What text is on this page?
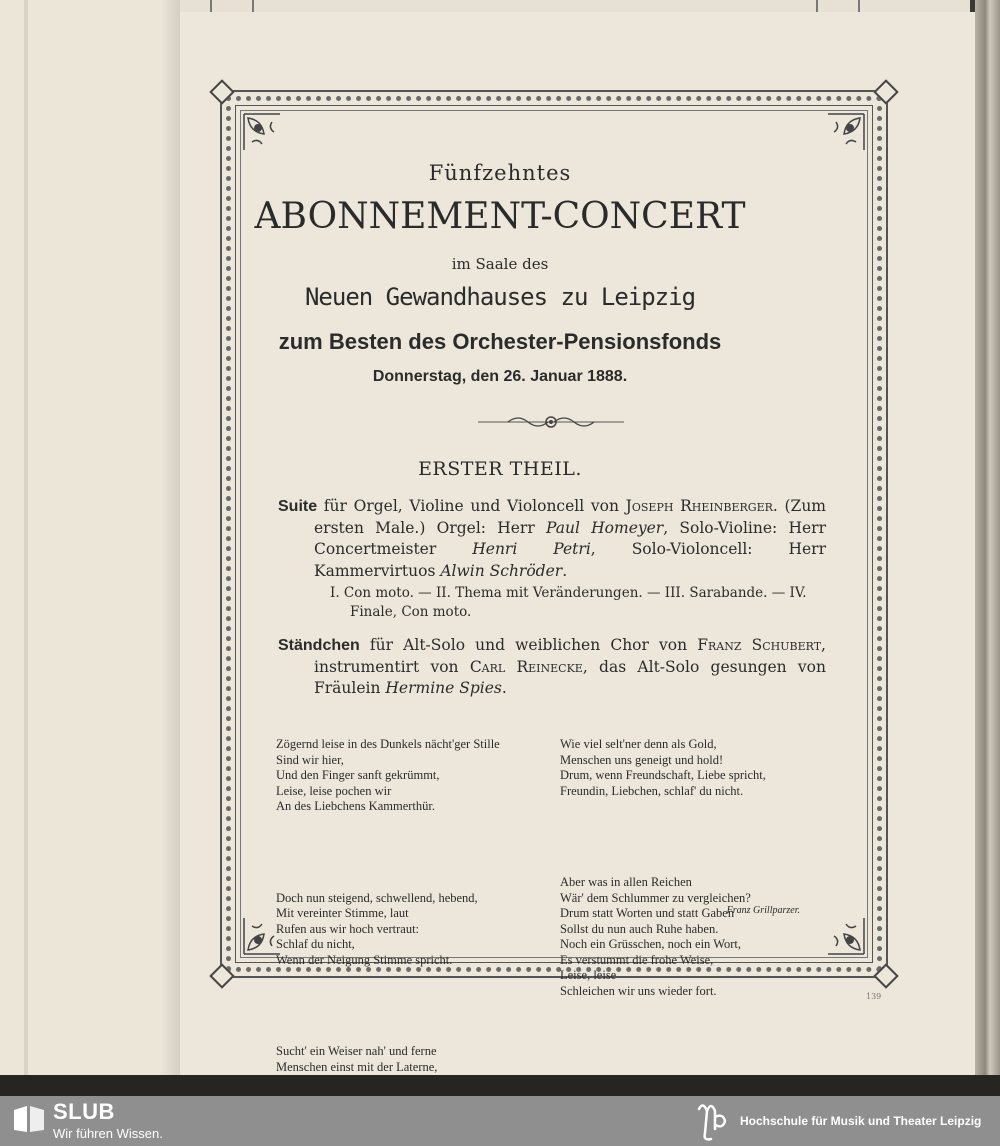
Fünfzehntes
ABONNEMENT-CONCERT
im Saale des
Neuen Gewandhauses zu Leipzig
zum Besten des Orchester-Pensionsfonds
Donnerstag, den 26. Januar 1888.
ERSTER THEIL.
Suite für Orgel, Violine und Violoncell von Joseph Rheinberger. (Zum ersten Male.) Orgel: Herr Paul Homeyer, Solo-Violine: Herr Concertmeister Henri Petri, Solo-Violoncell: Herr Kammervirtuos Alwin Schröder.
I. Con moto. — II. Thema mit Veränderungen. — III. Sarabande. — IV. Finale, Con moto.
Ständchen für Alt-Solo und weiblichen Chor von Franz Schubert, instrumentirt von Carl Reinecke, das Alt-Solo gesungen von Fräulein Hermine Spies.

Zögernd leise in des Dunkels nächt'ger Stille
Sind wir hier,
Und den Finger sanft gekrümmt,
Leise, leise pochen wir
An des Liebchens Kammerthür.

Doch nun steigend, schwellend, hebend,
Mit vereinter Stimme, laut
Rufen aus wir hoch vertraut:
Schlaf du nicht,
Wenn der Neigung Stimme spricht.

Sucht' ein Weiser nah' und ferne
Menschen einst mit der Laterne,

Wie viel selt'ner denn als Gold,
Menschen uns geneigt und hold!
Drum, wenn Freundschaft, Liebe spricht,
Freundin, Liebchen, schlaf' du nicht.

Aber was in allen Reichen
Wär' dem Schlummer zu vergleichen?
Drum statt Worten und statt Gaben
Sollst du nun auch Ruhe haben.
Noch ein Grüsschen, noch ein Wort,
Es verstummt die frohe Weise,
Leise, leise
Schleichen wir uns wieder fort.

Franz Grillparzer.
139
SLUB
Wir führen Wissen.
Hochschule für Musik und Theater Leipzig
